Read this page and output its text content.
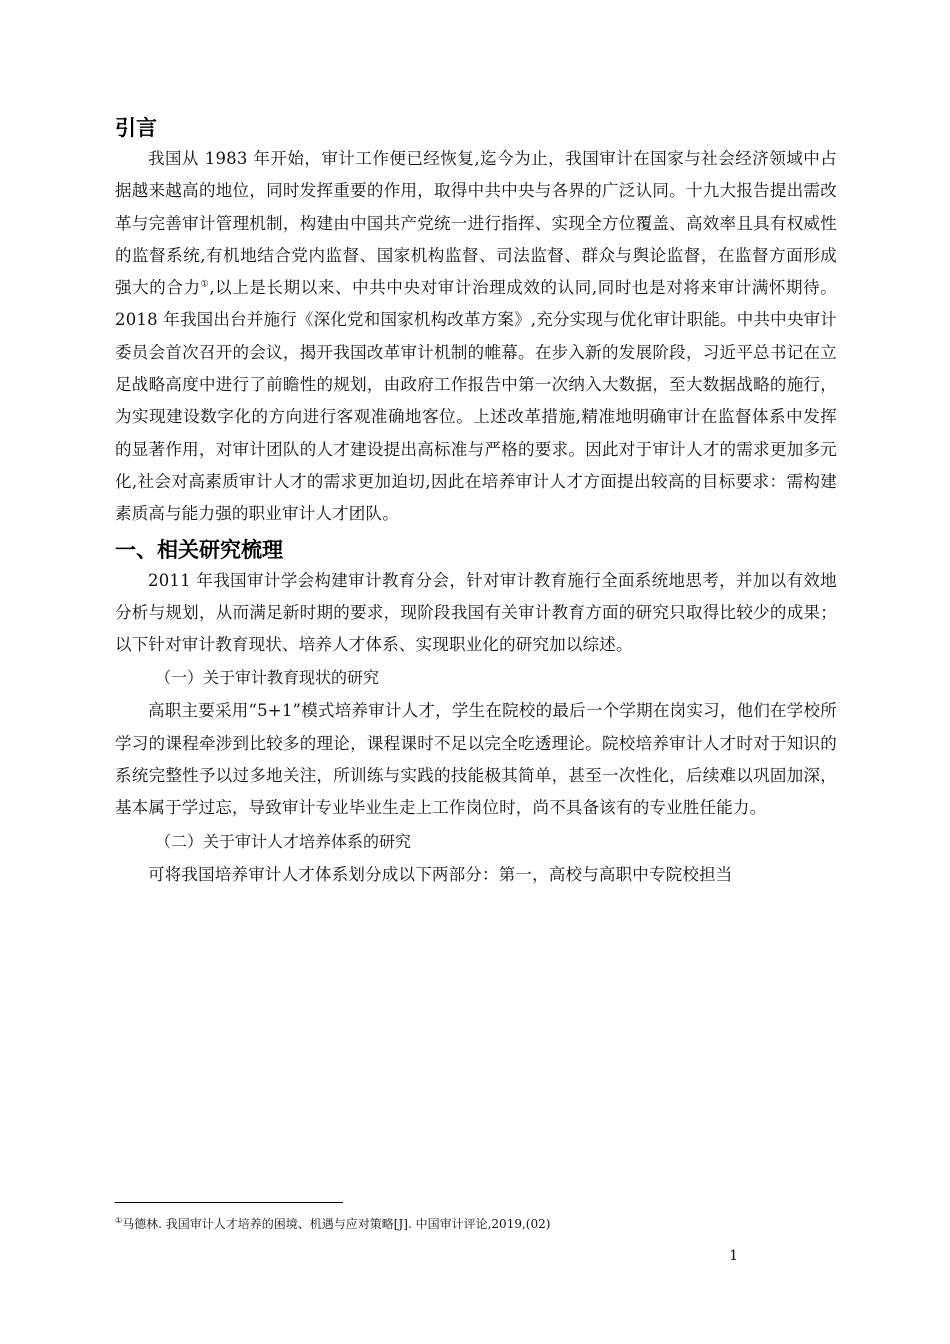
引言

我国从 1983 年开始，审计工作便已经恢复,迄今为止，我国审计在国家与社会经济领域中占据越来越高的地位，同时发挥重要的作用，取得中共中央与各界的广泛认同。十九大报告提出需改革与完善审计管理机制，构建由中国共产党统一进行指挥、实现全方位覆盖、高效率且具有权威性的监督系统,有机地结合党内监督、国家机构监督、司法监督、群众与舆论监督，在监督方面形成强大的合力①,以上是长期以来、中共中央对审计治理成效的认同,同时也是对将来审计满怀期待。2018 年我国出台并施行《深化党和国家机构改革方案》,充分实现与优化审计职能。中共中央审计委员会首次召开的会议，揭开我国改革审计机制的帷幕。在步入新的发展阶段，习近平总书记在立足战略高度中进行了前瞻性的规划，由政府工作报告中第一次纳入大数据，至大数据战略的施行，为实现建设数字化的方向进行客观准确地客位。上述改革措施,精准地明确审计在监督体系中发挥的显著作用，对审计团队的人才建设提出高标准与严格的要求。因此对于审计人才的需求更加多元化,社会对高素质审计人才的需求更加迫切,因此在培养审计人才方面提出较高的目标要求：需构建素质高与能力强的职业审计人才团队。

一、相关研究梳理

2011 年我国审计学会构建审计教育分会，针对审计教育施行全面系统地思考，并加以有效地分析与规划，从而满足新时期的要求，现阶段我国有关审计教育方面的研究只取得比较少的成果；以下针对审计教育现状、培养人才体系、实现职业化的研究加以综述。

（一）关于审计教育现状的研究

高职主要采用“5+1”模式培养审计人才，学生在院校的最后一个学期在岗实习，他们在学校所学习的课程牵涉到比较多的理论，课程课时不足以完全吃透理论。院校培养审计人才时对于知识的系统完整性予以过多地关注，所训练与实践的技能极其简单，甚至一次性化，后续难以巩固加深，基本属于学过忘，导致审计专业毕业生走上工作岗位时，尚不具备该有的专业胜任能力。

（二）关于审计人才培养体系的研究

可将我国培养审计人才体系划分成以下两部分：第一，高校与高职中专院校担当

①马德林. 我国审计人才培养的困境、机遇与应对策略[J]. 中国审计评论,2019,(02)
1
